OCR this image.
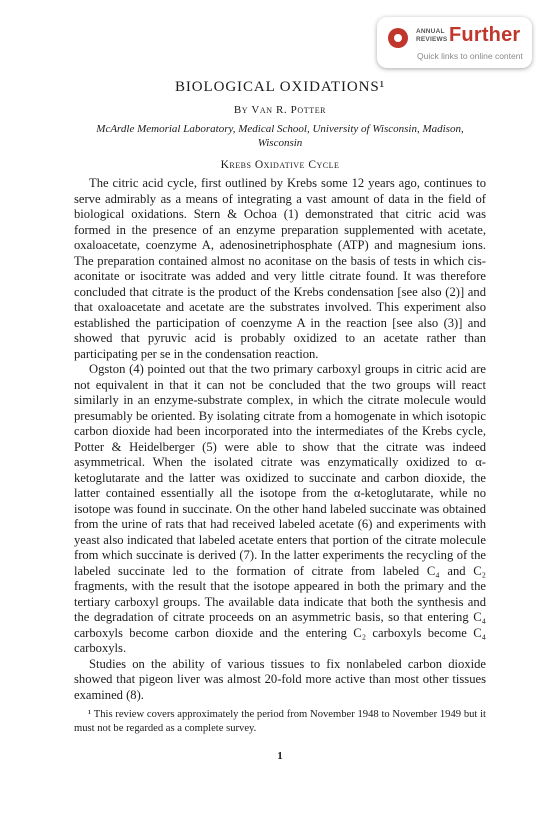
ANNUAL
REVIEWS Further
Quick links to online content
BIOLOGICAL OXIDATIONS¹
By Van R. Potter
McArdle Memorial Laboratory, Medical School, University of Wisconsin, Madison, Wisconsin
Krebs Oxidative Cycle

The citric acid cycle, first outlined by Krebs some 12 years ago, continues to serve admirably as a means of integrating a vast amount of data in the field of biological oxidations. Stern & Ochoa (1) demonstrated that citric acid was formed in the presence of an enzyme preparation supplemented with acetate, oxaloacetate, coenzyme A, adenosinetriphosphate (ATP) and magnesium ions. The preparation contained almost no aconitase on the basis of tests in which cis-aconitate or isocitrate was added and very little citrate found. It was therefore concluded that citrate is the product of the Krebs condensation [see also (2)] and that oxaloacetate and acetate are the substrates involved. This experiment also established the participation of coenzyme A in the reaction [see also (3)] and showed that pyruvic acid is probably oxidized to an acetate rather than participating per se in the condensation reaction.

Ogston (4) pointed out that the two primary carboxyl groups in citric acid are not equivalent in that it can not be concluded that the two groups will react similarly in an enzyme-substrate complex, in which the citrate molecule would presumably be oriented. By isolating citrate from a homogenate in which isotopic carbon dioxide had been incorporated into the intermediates of the Krebs cycle, Potter & Heidelberger (5) were able to show that the citrate was indeed asymmetrical. When the isolated citrate was enzymatically oxidized to α-ketoglutarate and the latter was oxidized to succinate and carbon dioxide, the latter contained essentially all the isotope from the α-ketoglutarate, while no isotope was found in succinate. On the other hand labeled succinate was obtained from the urine of rats that had received labeled acetate (6) and experiments with yeast also indicated that labeled acetate enters that portion of the citrate molecule from which succinate is derived (7). In the latter experiments the recycling of the labeled succinate led to the formation of citrate from labeled C₄ and C₂ fragments, with the result that the isotope appeared in both the primary and the tertiary carboxyl groups. The available data indicate that both the synthesis and the degradation of citrate proceeds on an asymmetric basis, so that entering C₄ carboxyls become carbon dioxide and the entering C₂ carboxyls become C₄ carboxyls.

Studies on the ability of various tissues to fix nonlabeled carbon dioxide showed that pigeon liver was almost 20-fold more active than most other tissues examined (8).

¹ This review covers approximately the period from November 1948 to November 1949 but it must not be regarded as a complete survey.

1
